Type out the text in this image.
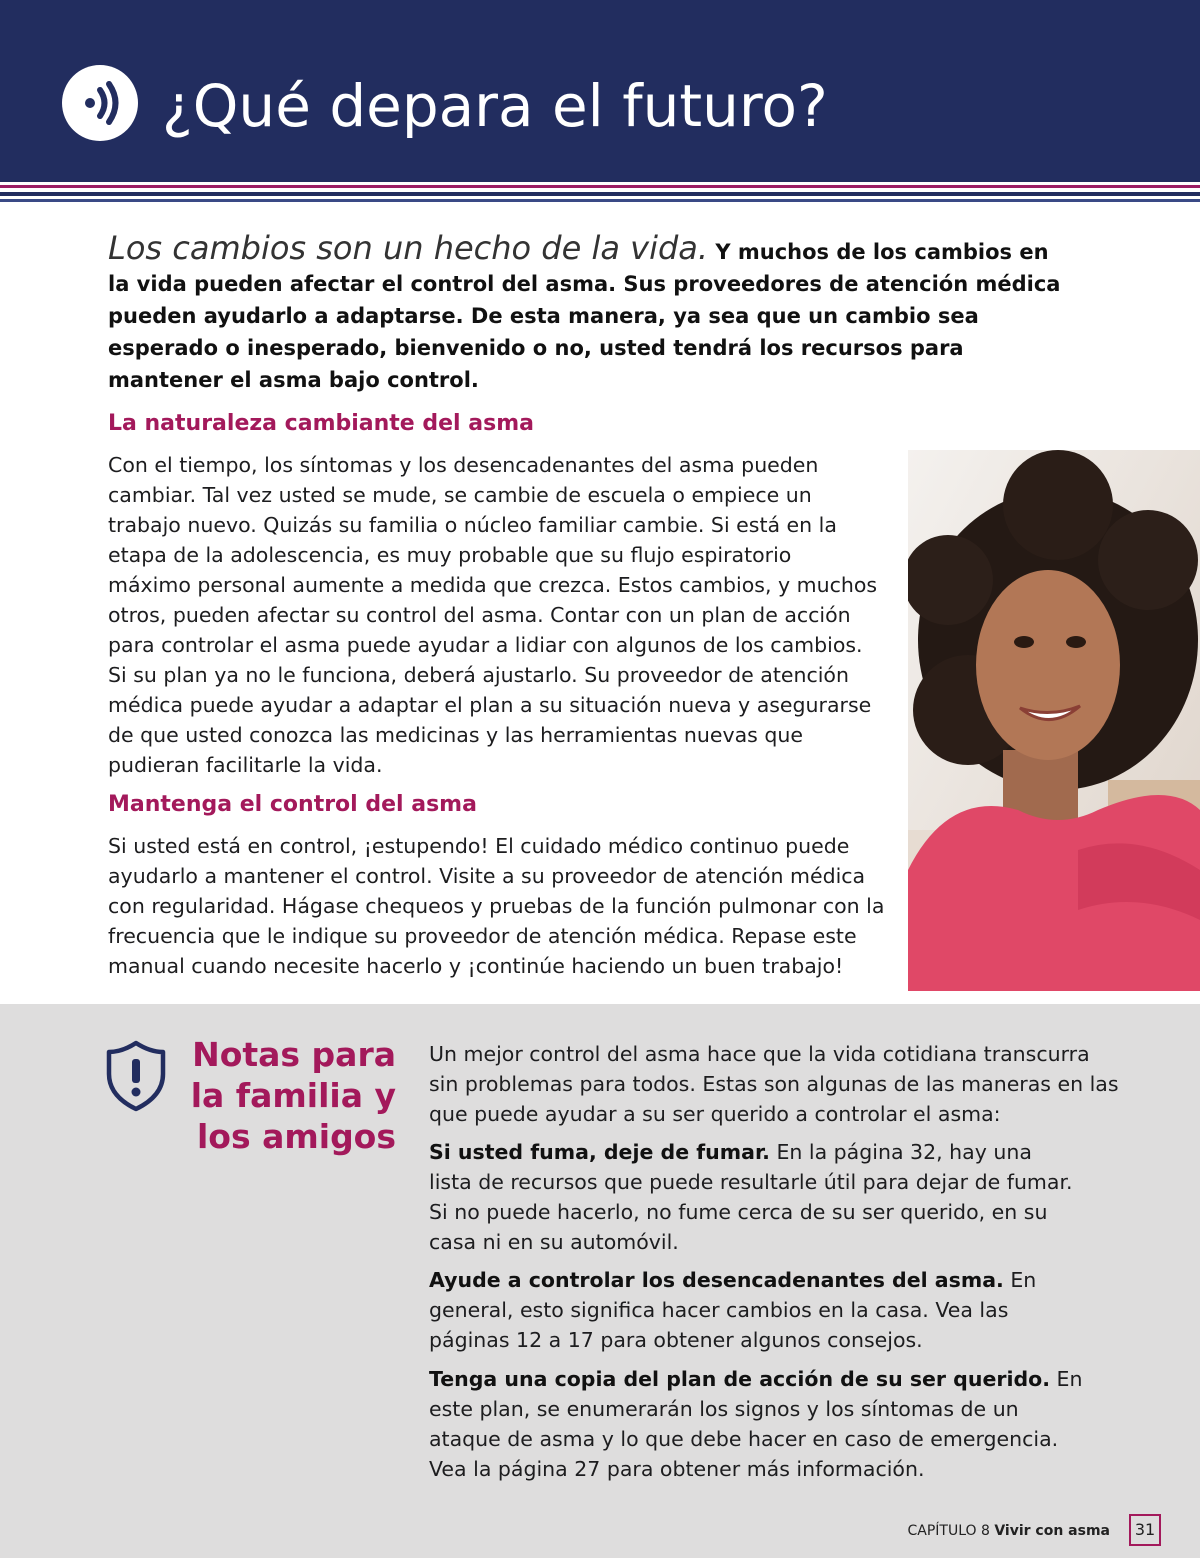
¿Qué depara el futuro?

Los cambios son un hecho de la vida. Y muchos de los cambios en la vida pueden afectar el control del asma. Sus proveedores de atención médica pueden ayudarlo a adaptarse. De esta manera, ya sea que un cambio sea esperado o inesperado, bienvenido o no, usted tendrá los recursos para mantener el asma bajo control.

La naturaleza cambiante del asma

Con el tiempo, los síntomas y los desencadenantes del asma pueden cambiar. Tal vez usted se mude, se cambie de escuela o empiece un trabajo nuevo. Quizás su familia o núcleo familiar cambie. Si está en la etapa de la adolescencia, es muy probable que su flujo espiratorio máximo personal aumente a medida que crezca. Estos cambios, y muchos otros, pueden afectar su control del asma. Contar con un plan de acción para controlar el asma puede ayudar a lidiar con algunos de los cambios. Si su plan ya no le funciona, deberá ajustarlo. Su proveedor de atención médica puede ayudar a adaptar el plan a su situación nueva y asegurarse de que usted conozca las medicinas y las herramientas nuevas que pudieran facilitarle la vida.

Mantenga el control del asma

Si usted está en control, ¡estupendo! El cuidado médico continuo puede ayudarlo a mantener el control. Visite a su proveedor de atención médica con regularidad. Hágase chequeos y pruebas de la función pulmonar con la frecuencia que le indique su proveedor de atención médica. Repase este manual cuando necesite hacerlo y ¡continúe haciendo un buen trabajo!

Notas para la familia y los amigos

Un mejor control del asma hace que la vida cotidiana transcurra sin problemas para todos. Estas son algunas de las maneras en las que puede ayudar a su ser querido a controlar el asma:

Si usted fuma, deje de fumar. En la página 32, hay una lista de recursos que puede resultarle útil para dejar de fumar. Si no puede hacerlo, no fume cerca de su ser querido, en su casa ni en su automóvil.

Ayude a controlar los desencadenantes del asma. En general, esto significa hacer cambios en la casa. Vea las páginas 12 a 17 para obtener algunos consejos.

Tenga una copia del plan de acción de su ser querido. En este plan, se enumerarán los signos y los síntomas de un ataque de asma y lo que debe hacer en caso de emergencia. Vea la página 27 para obtener más información.

CAPÍTULO 8 Vivir con asma	31
